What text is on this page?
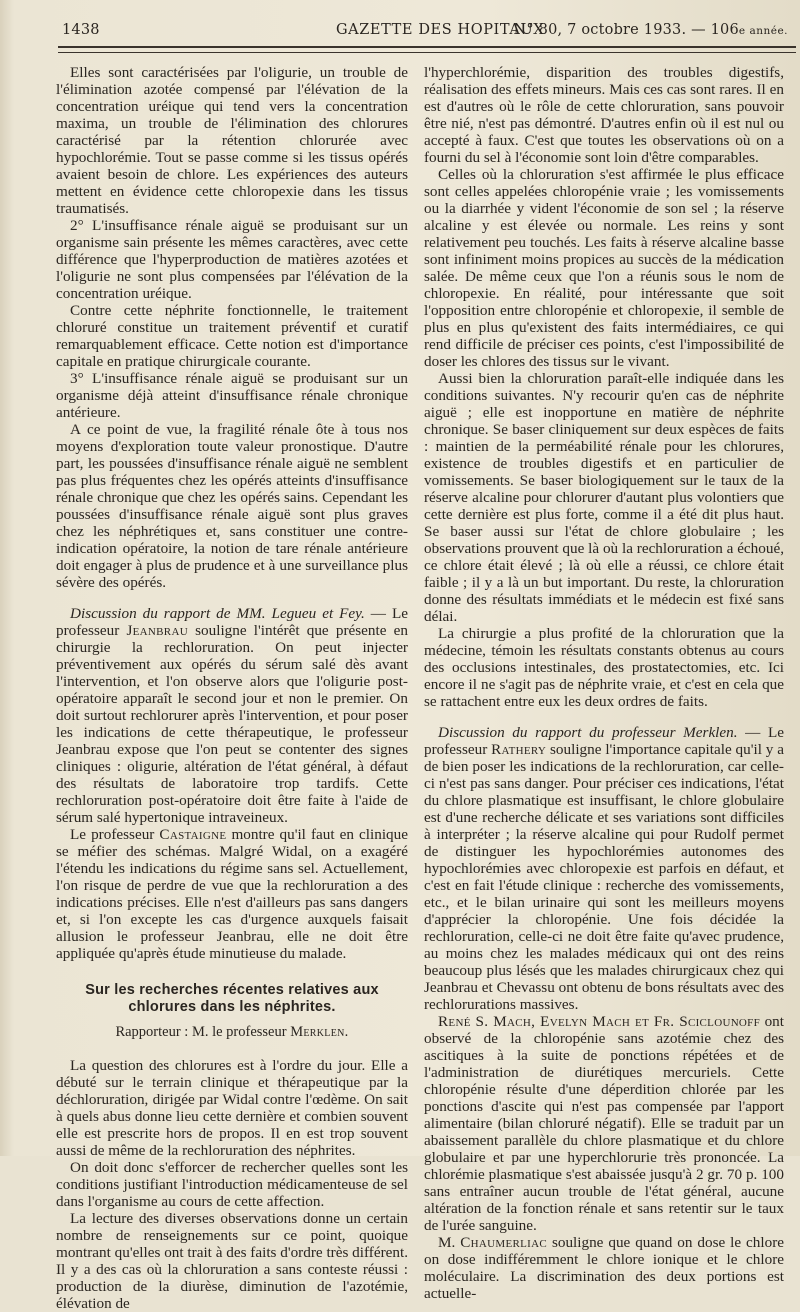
1438	GAZETTE DES HOPITAUX
N° 80, 7 octobre 1933. — 106e année.

Elles sont caractérisées par l'oligurie, un trouble de l'élimination azotée compensé par l'élévation de la concentration uréique qui tend vers la concentration maxima, un trouble de l'élimination des chlorures caractérisé par la rétention chlorurée avec hypochlorémie. Tout se passe comme si les tissus opérés avaient besoin de chlore. Les expériences des auteurs mettent en évidence cette chloropexie dans les tissus traumatisés.

2° L'insuffisance rénale aiguë se produisant sur un organisme sain présente les mêmes caractères, avec cette différence que l'hyperproduction de matières azotées et l'oligurie ne sont plus compensées par l'élévation de la concentration uréique.

Contre cette néphrite fonctionnelle, le traitement chloruré constitue un traitement préventif et curatif remarquablement efficace. Cette notion est d'importance capitale en pratique chirurgicale courante.

3° L'insuffisance rénale aiguë se produisant sur un organisme déjà atteint d'insuffisance rénale chronique antérieure.

A ce point de vue, la fragilité rénale ôte à tous nos moyens d'exploration toute valeur pronostique. D'autre part, les poussées d'insuffisance rénale aiguë ne semblent pas plus fréquentes chez les opérés atteints d'insuffisance rénale chronique que chez les opérés sains. Cependant les poussées d'insuffisance rénale aiguë sont plus graves chez les néphrétiques et, sans constituer une contre-indication opératoire, la notion de tare rénale antérieure doit engager à plus de prudence et à une surveillance plus sévère des opérés.

Discussion du rapport de MM. Legueu et Fey. — Le professeur Jeanbrau souligne l'intérêt que présente en chirurgie la rechloruration. On peut injecter préventivement aux opérés du sérum salé dès avant l'intervention, et l'on observe alors que l'oligurie post-opératoire apparaît le second jour et non le premier. On doit surtout rechlorurer après l'intervention, et pour poser les indications de cette thérapeutique, le professeur Jeanbrau expose que l'on peut se contenter des signes cliniques : oligurie, altération de l'état général, à défaut des résultats de laboratoire trop tardifs. Cette rechloruration post-opératoire doit être faite à l'aide de sérum salé hypertonique intraveineux.

Le professeur Castaigne montre qu'il faut en clinique se méfier des schémas. Malgré Widal, on a exagéré l'étendu les indications du régime sans sel. Actuellement, l'on risque de perdre de vue que la rechloruration a des indications précises. Elle n'est d'ailleurs pas sans dangers et, si l'on excepte les cas d'urgence auxquels faisait allusion le professeur Jeanbrau, elle ne doit être appliquée qu'après étude minutieuse du malade.

Sur les recherches récentes relatives aux chlorures dans les néphrites.
Rapporteur : M. le professeur Merklen.

La question des chlorures est à l'ordre du jour. Elle a débuté sur le terrain clinique et thérapeutique par la déchloruration, dirigée par Widal contre l'œdème. On sait à quels abus donne lieu cette dernière et combien souvent elle est prescrite hors de propos. Il en est trop souvent aussi de même de la rechloruration des néphrites.

On doit donc s'efforcer de rechercher quelles sont les conditions justifiant l'introduction médicamenteuse de sel dans l'organisme au cours de cette affection.

La lecture des diverses observations donne un certain nombre de renseignements sur ce point, quoique montrant qu'elles ont trait à des faits d'ordre très différent. Il y a des cas où la chloruration a sans conteste réussi : production de la diurèse, diminution de l'azotémie, élévation de

l'hyperchlorémie, disparition des troubles digestifs, réalisation des effets mineurs. Mais ces cas sont rares. Il en est d'autres où le rôle de cette chloruration, sans pouvoir être nié, n'est pas démontré. D'autres enfin où il est nul ou accepté à faux. C'est que toutes les observations où on a fourni du sel à l'économie sont loin d'être comparables.

Celles où la chloruration s'est affirmée le plus efficace sont celles appelées chloropénie vraie ; les vomissements ou la diarrhée y vident l'économie de son sel ; la réserve alcaline y est élevée ou normale. Les reins y sont relativement peu touchés. Les faits à réserve alcaline basse sont infiniment moins propices au succès de la médication salée. De même ceux que l'on a réunis sous le nom de chloropexie. En réalité, pour intéressante que soit l'opposition entre chloropénie et chloropexie, il semble de plus en plus qu'existent des faits intermédiaires, ce qui rend difficile de préciser ces points, c'est l'impossibilité de doser les chlores des tissus sur le vivant.

Aussi bien la chloruration paraît-elle indiquée dans les conditions suivantes. N'y recourir qu'en cas de néphrite aiguë ; elle est inopportune en matière de néphrite chronique. Se baser cliniquement sur deux espèces de faits : maintien de la perméabilité rénale pour les chlorures, existence de troubles digestifs et en particulier de vomissements. Se baser biologiquement sur le taux de la réserve alcaline pour chlorurer d'autant plus volontiers que cette dernière est plus forte, comme il a été dit plus haut. Se baser aussi sur l'état de chlore globulaire ; les observations prouvent que là où la rechloruration a échoué, ce chlore était élevé ; là où elle a réussi, ce chlore était faible ; il y a là un but important. Du reste, la chloruration donne des résultats immédiats et le médecin est fixé sans délai.

La chirurgie a plus profité de la chloruration que la médecine, témoin les résultats constants obtenus au cours des occlusions intestinales, des prostatectomies, etc. Ici encore il ne s'agit pas de néphrite vraie, et c'est en cela que se rattachent entre eux les deux ordres de faits.

Discussion du rapport du professeur Merklen. — Le professeur Rathery souligne l'importance capitale qu'il y a de bien poser les indications de la rechloruration, car celle-ci n'est pas sans danger. Pour préciser ces indications, l'état du chlore plasmatique est insuffisant, le chlore globulaire est d'une recherche délicate et ses variations sont difficiles à interpréter ; la réserve alcaline qui pour Rudolf permet de distinguer les hypochlorémies autonomes des hypochlorémies avec chloropexie est parfois en défaut, et c'est en fait l'étude clinique : recherche des vomissements, etc., et le bilan urinaire qui sont les meilleurs moyens d'apprécier la chloropénie. Une fois décidée la rechloruration, celle-ci ne doit être faite qu'avec prudence, au moins chez les malades médicaux qui ont des reins beaucoup plus lésés que les malades chirurgicaux chez qui Jeanbrau et Chevassu ont obtenu de bons résultats avec des rechlorurations massives.

René S. Mach, Evelyn Mach et Fr. Sciclounoff ont observé de la chloropénie sans azotémie chez des ascitiques à la suite de ponctions répétées et de l'administration de diurétiques mercuriels. Cette chloropénie résulte d'une déperdition chlorée par les ponctions d'ascite qui n'est pas compensée par l'apport alimentaire (bilan chloruré négatif). Elle se traduit par un abaissement parallèle du chlore plasmatique et du chlore globulaire et par une hyperchlorurie très prononcée. La chlorémie plasmatique s'est abaissée jusqu'à 2 gr. 70 p. 100 sans entraîner aucun trouble de l'état général, aucune altération de la fonction rénale et sans retentir sur le taux de l'urée sanguine.

M. Chaumerliac souligne que quand on dose le chlore on dose indifféremment le chlore ionique et le chlore moléculaire. La discrimination des deux portions est actuelle-
